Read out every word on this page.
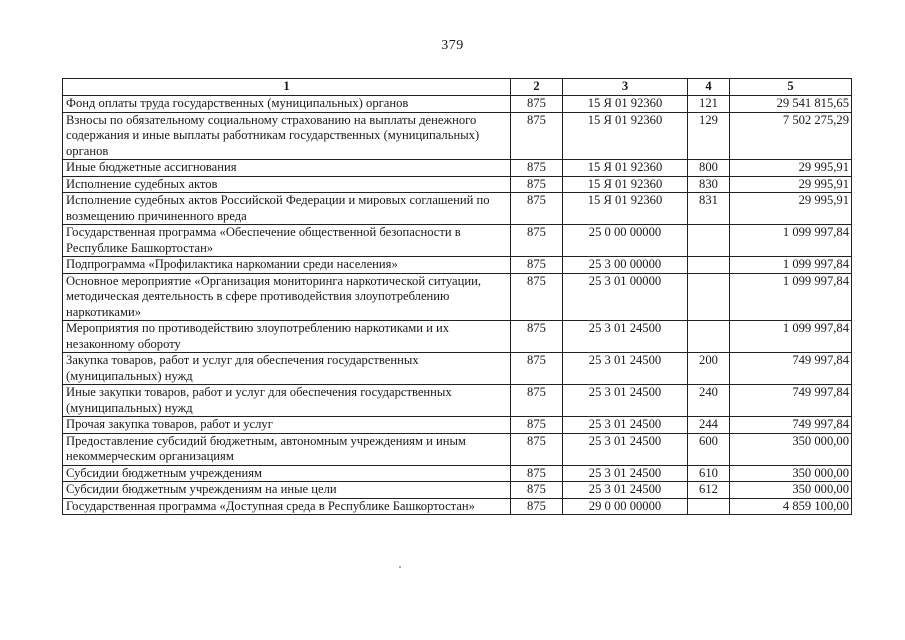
379
1	2	3	4	5
Фонд оплаты труда государственных (муниципальных) органов	875	15 Я 01 92360	121	29 541 815,65
Взносы по обязательному социальному страхованию на выплаты денежного содержания и иные выплаты работникам государственных (муниципальных) органов	875	15 Я 01 92360	129	7 502 275,29
Иные бюджетные ассигнования	875	15 Я 01 92360	800	29 995,91
Исполнение судебных актов	875	15 Я 01 92360	830	29 995,91
Исполнение судебных актов Российской Федерации и мировых соглашений по возмещению причиненного вреда	875	15 Я 01 92360	831	29 995,91
Государственная программа «Обеспечение общественной безопасности в Республике Башкортостан»	875	25 0 00 00000		1 099 997,84
Подпрограмма «Профилактика наркомании среди населения»	875	25 3 00 00000		1 099 997,84
Основное мероприятие «Организация мониторинга наркотической ситуации, методическая деятельность в сфере противодействия злоупотреблению наркотиками»	875	25 3 01 00000		1 099 997,84
Мероприятия по противодействию злоупотреблению наркотиками и их незаконному обороту	875	25 3 01 24500		1 099 997,84
Закупка товаров, работ и услуг для обеспечения государственных (муниципальных) нужд	875	25 3 01 24500	200	749 997,84
Иные закупки товаров, работ и услуг для обеспечения государственных (муниципальных) нужд	875	25 3 01 24500	240	749 997,84
Прочая закупка товаров, работ и услуг	875	25 3 01 24500	244	749 997,84
Предоставление субсидий бюджетным, автономным учреждениям и иным некоммерческим организациям	875	25 3 01 24500	600	350 000,00
Субсидии бюджетным учреждениям	875	25 3 01 24500	610	350 000,00
Субсидии бюджетным учреждениям на иные цели	875	25 3 01 24500	612	350 000,00
Государственная программа «Доступная среда в Республике Башкортостан»	875	29 0 00 00000		4 859 100,00
